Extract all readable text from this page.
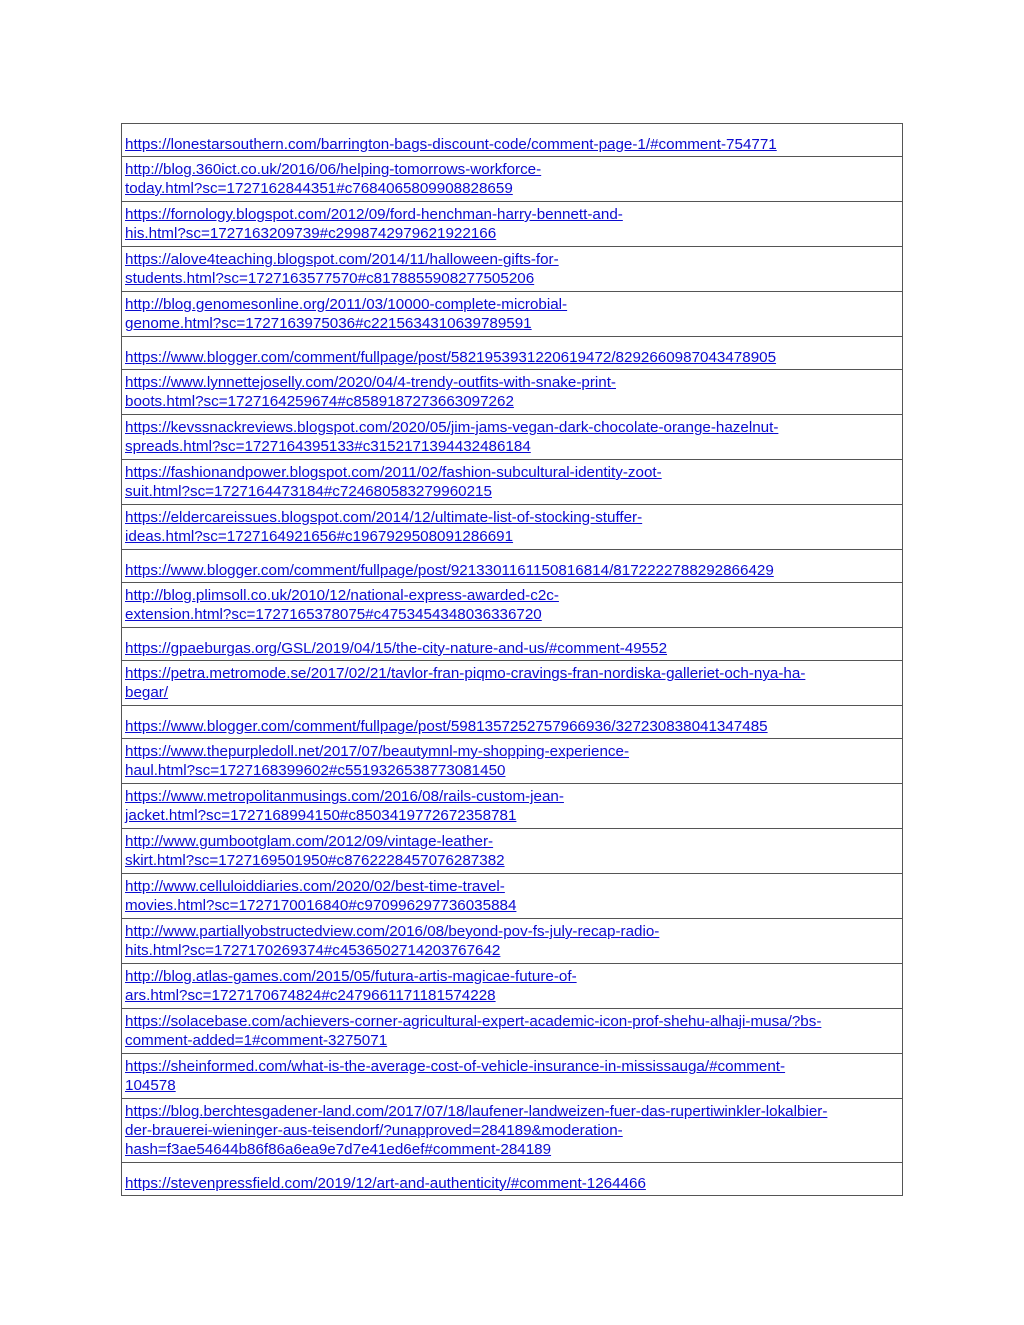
https://lonestarsouthern.com/barrington-bags-discount-code/comment-page-1/#comment-754771
http://blog.360ict.co.uk/2016/06/helping-tomorrows-workforce-
today.html?sc=1727162844351#c7684065809908828659
https://fornology.blogspot.com/2012/09/ford-henchman-harry-bennett-and-
his.html?sc=1727163209739#c2998742979621922166
https://alove4teaching.blogspot.com/2014/11/halloween-gifts-for-
students.html?sc=1727163577570#c8178855908277505206
http://blog.genomesonline.org/2011/03/10000-complete-microbial-
genome.html?sc=1727163975036#c2215634310639789591
https://www.blogger.com/comment/fullpage/post/5821953931220619472/8292660987043478905
https://www.lynnettejoselly.com/2020/04/4-trendy-outfits-with-snake-print-
boots.html?sc=1727164259674#c8589187273663097262
https://kevssnackreviews.blogspot.com/2020/05/jim-jams-vegan-dark-chocolate-orange-hazelnut-
spreads.html?sc=1727164395133#c3152171394432486184
https://fashionandpower.blogspot.com/2011/02/fashion-subcultural-identity-zoot-
suit.html?sc=1727164473184#c724680583279960215
https://eldercareissues.blogspot.com/2014/12/ultimate-list-of-stocking-stuffer-
ideas.html?sc=1727164921656#c1967929508091286691
https://www.blogger.com/comment/fullpage/post/9213301161150816814/8172222788292866429
http://blog.plimsoll.co.uk/2010/12/national-express-awarded-c2c-
extension.html?sc=1727165378075#c4753454348036336720
https://gpaeburgas.org/GSL/2019/04/15/the-city-nature-and-us/#comment-49552
https://petra.metromode.se/2017/02/21/tavlor-fran-piqmo-cravings-fran-nordiska-galleriet-och-nya-ha-
begar/
https://www.blogger.com/comment/fullpage/post/5981357252757966936/327230838041347485
https://www.thepurpledoll.net/2017/07/beautymnl-my-shopping-experience-
haul.html?sc=1727168399602#c5519326538773081450
https://www.metropolitanmusings.com/2016/08/rails-custom-jean-
jacket.html?sc=1727168994150#c8503419772672358781
http://www.gumbootglam.com/2012/09/vintage-leather-
skirt.html?sc=1727169501950#c8762228457076287382
http://www.celluloiddiaries.com/2020/02/best-time-travel-
movies.html?sc=1727170016840#c970996297736035884
http://www.partiallyobstructedview.com/2016/08/beyond-pov-fs-july-recap-radio-
hits.html?sc=1727170269374#c4536502714203767642
http://blog.atlas-games.com/2015/05/futura-artis-magicae-future-of-
ars.html?sc=1727170674824#c2479661171181574228
https://solacebase.com/achievers-corner-agricultural-expert-academic-icon-prof-shehu-alhaji-musa/?bs-
comment-added=1#comment-3275071
https://sheinformed.com/what-is-the-average-cost-of-vehicle-insurance-in-mississauga/#comment-
104578
https://blog.berchtesgadener-land.com/2017/07/18/laufener-landweizen-fuer-das-rupertiwinkler-lokalbier-
der-brauerei-wieninger-aus-teisendorf/?unapproved=284189&moderation-
hash=f3ae54644b86f86a6ea9e7d7e41ed6ef#comment-284189
https://stevenpressfield.com/2019/12/art-and-authenticity/#comment-1264466
